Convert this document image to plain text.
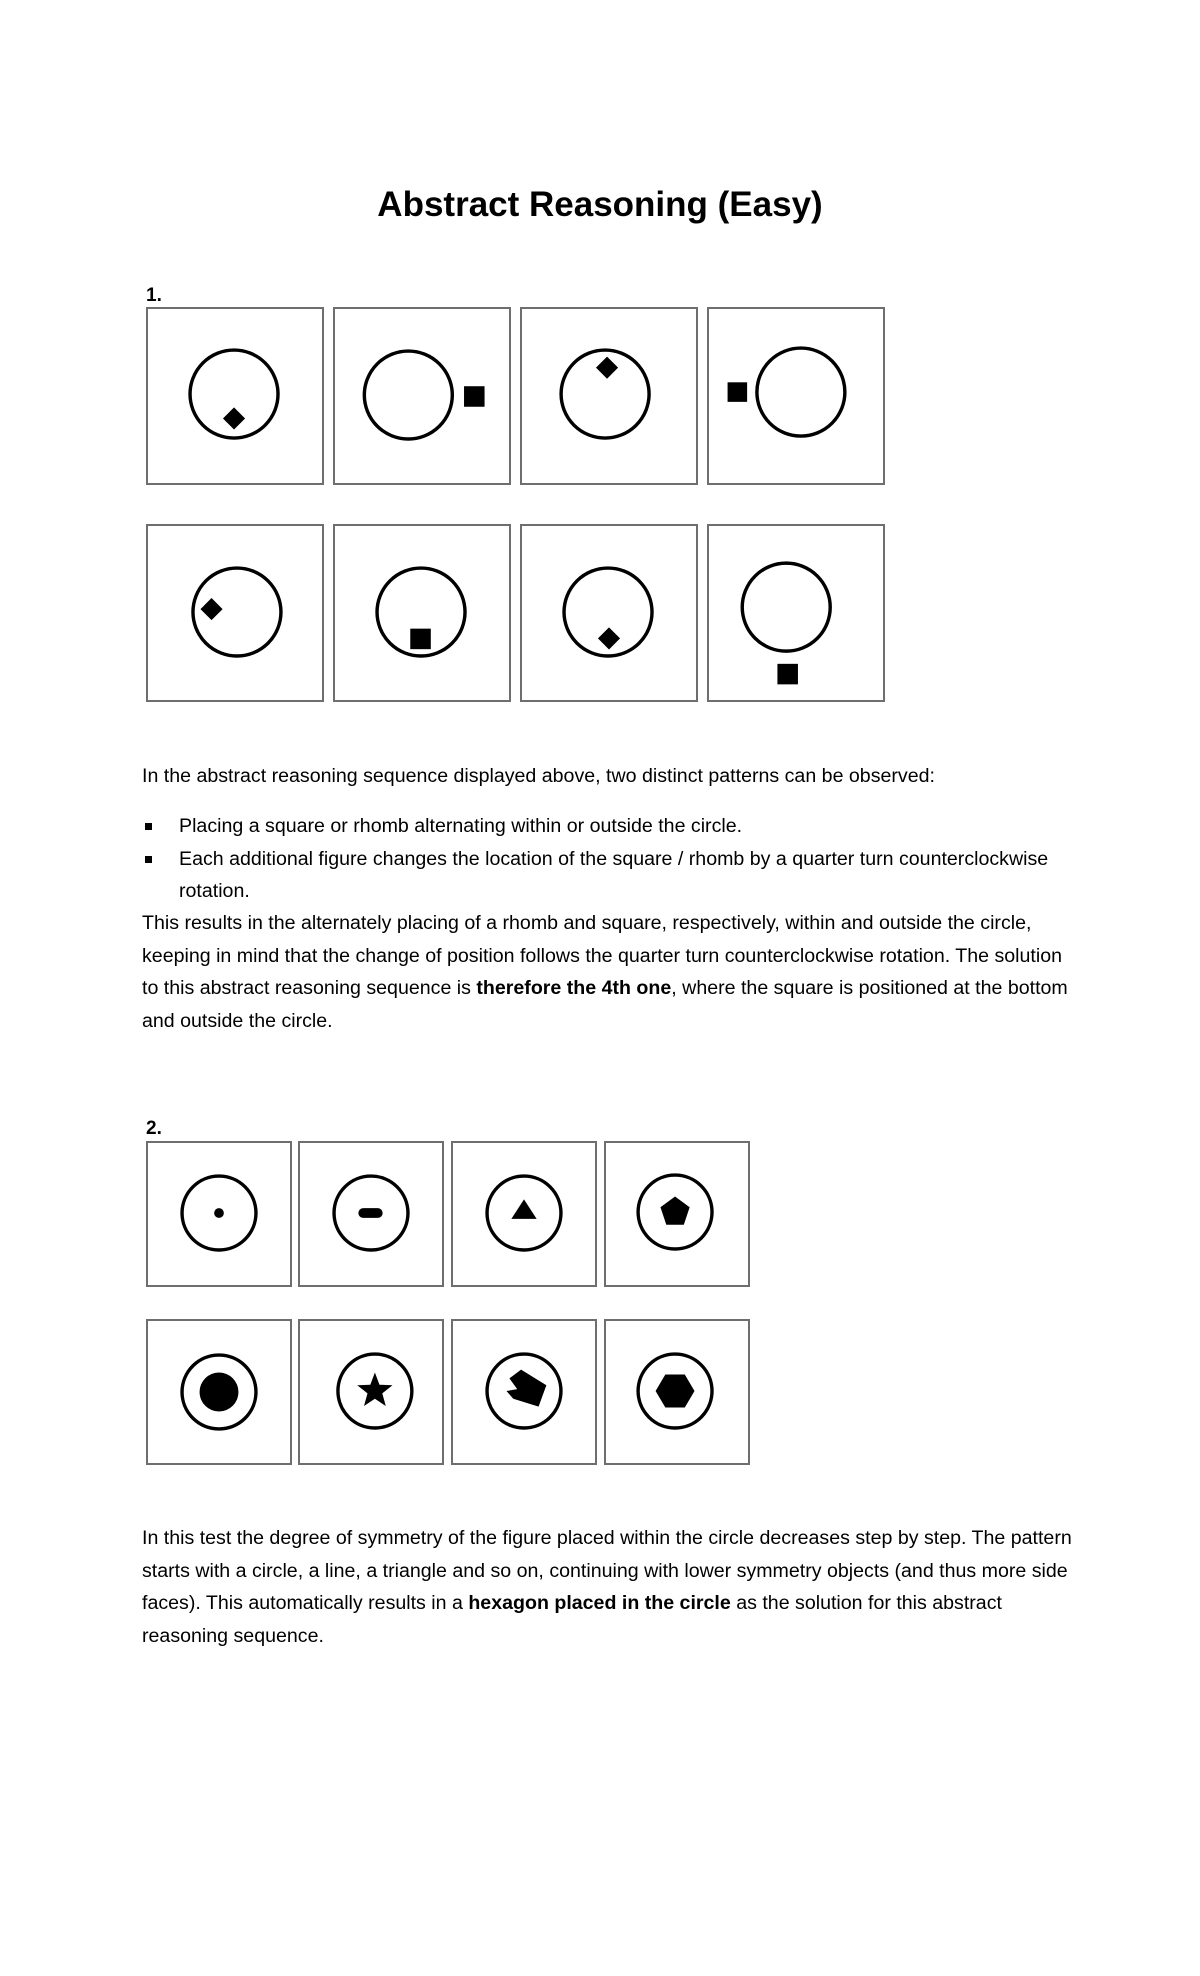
Abstract Reasoning (Easy)
1.

In the abstract reasoning sequence displayed above, two distinct patterns can be observed:

Placing a square or rhomb alternating within or outside the circle.
Each additional figure changes the location of the square / rhomb by a quarter turn counterclockwise rotation.

This results in the alternately placing of a rhomb and square, respectively, within and outside the circle, keeping in mind that the change of position follows the quarter turn counterclockwise rotation. The solution to this abstract reasoning sequence is therefore the 4th one, where the square is positioned at the bottom and outside the circle.

2.

In this test the degree of symmetry of the figure placed within the circle decreases step by step. The pattern starts with a circle, a line, a triangle and so on, continuing with lower symmetry objects (and thus more side faces). This automatically results in a hexagon placed in the circle as the solution for this abstract reasoning sequence.
